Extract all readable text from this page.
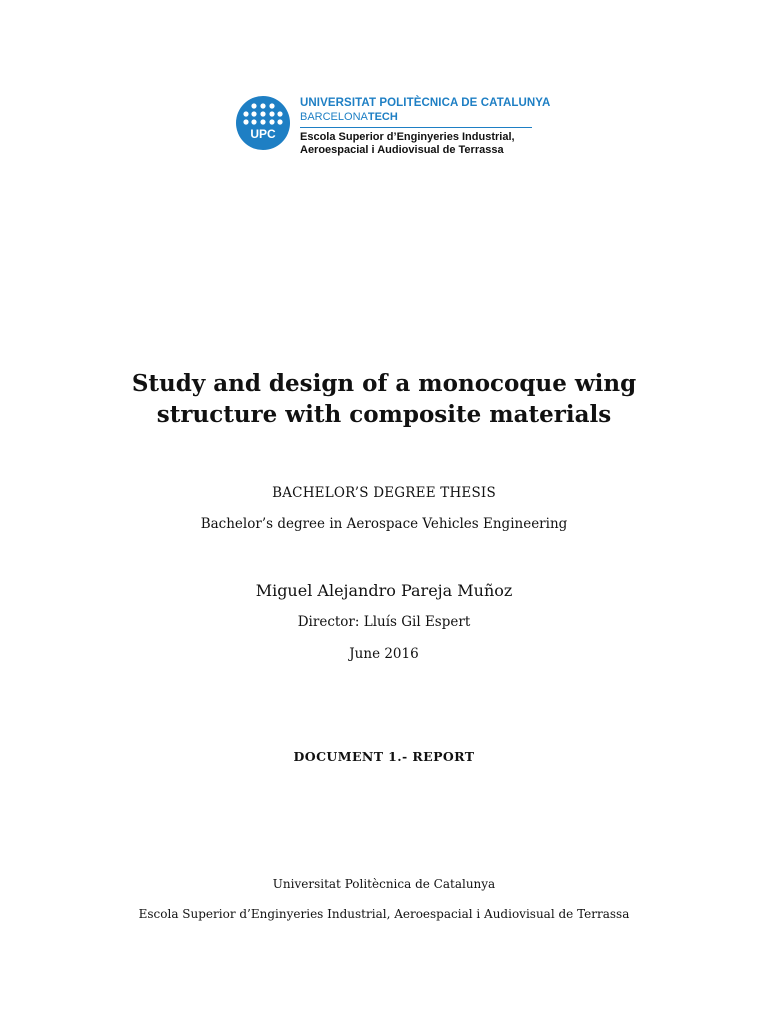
UPC
UNIVERSITAT POLITÈCNICA DE CATALUNYA
BARCELONATECH
Escola Superior d’Enginyeries Industrial,
Aeroespacial i Audiovisual de Terrassa
Study and design of a monocoque wing
structure with composite materials
BACHELOR’S DEGREE THESIS
Bachelor’s degree in Aerospace Vehicles Engineering
Miguel Alejandro Pareja Muñoz
Director: Lluís Gil Espert
June 2016
DOCUMENT 1.- REPORT
Universitat Politècnica de Catalunya
Escola Superior d’Enginyeries Industrial, Aeroespacial i Audiovisual de Terrassa
